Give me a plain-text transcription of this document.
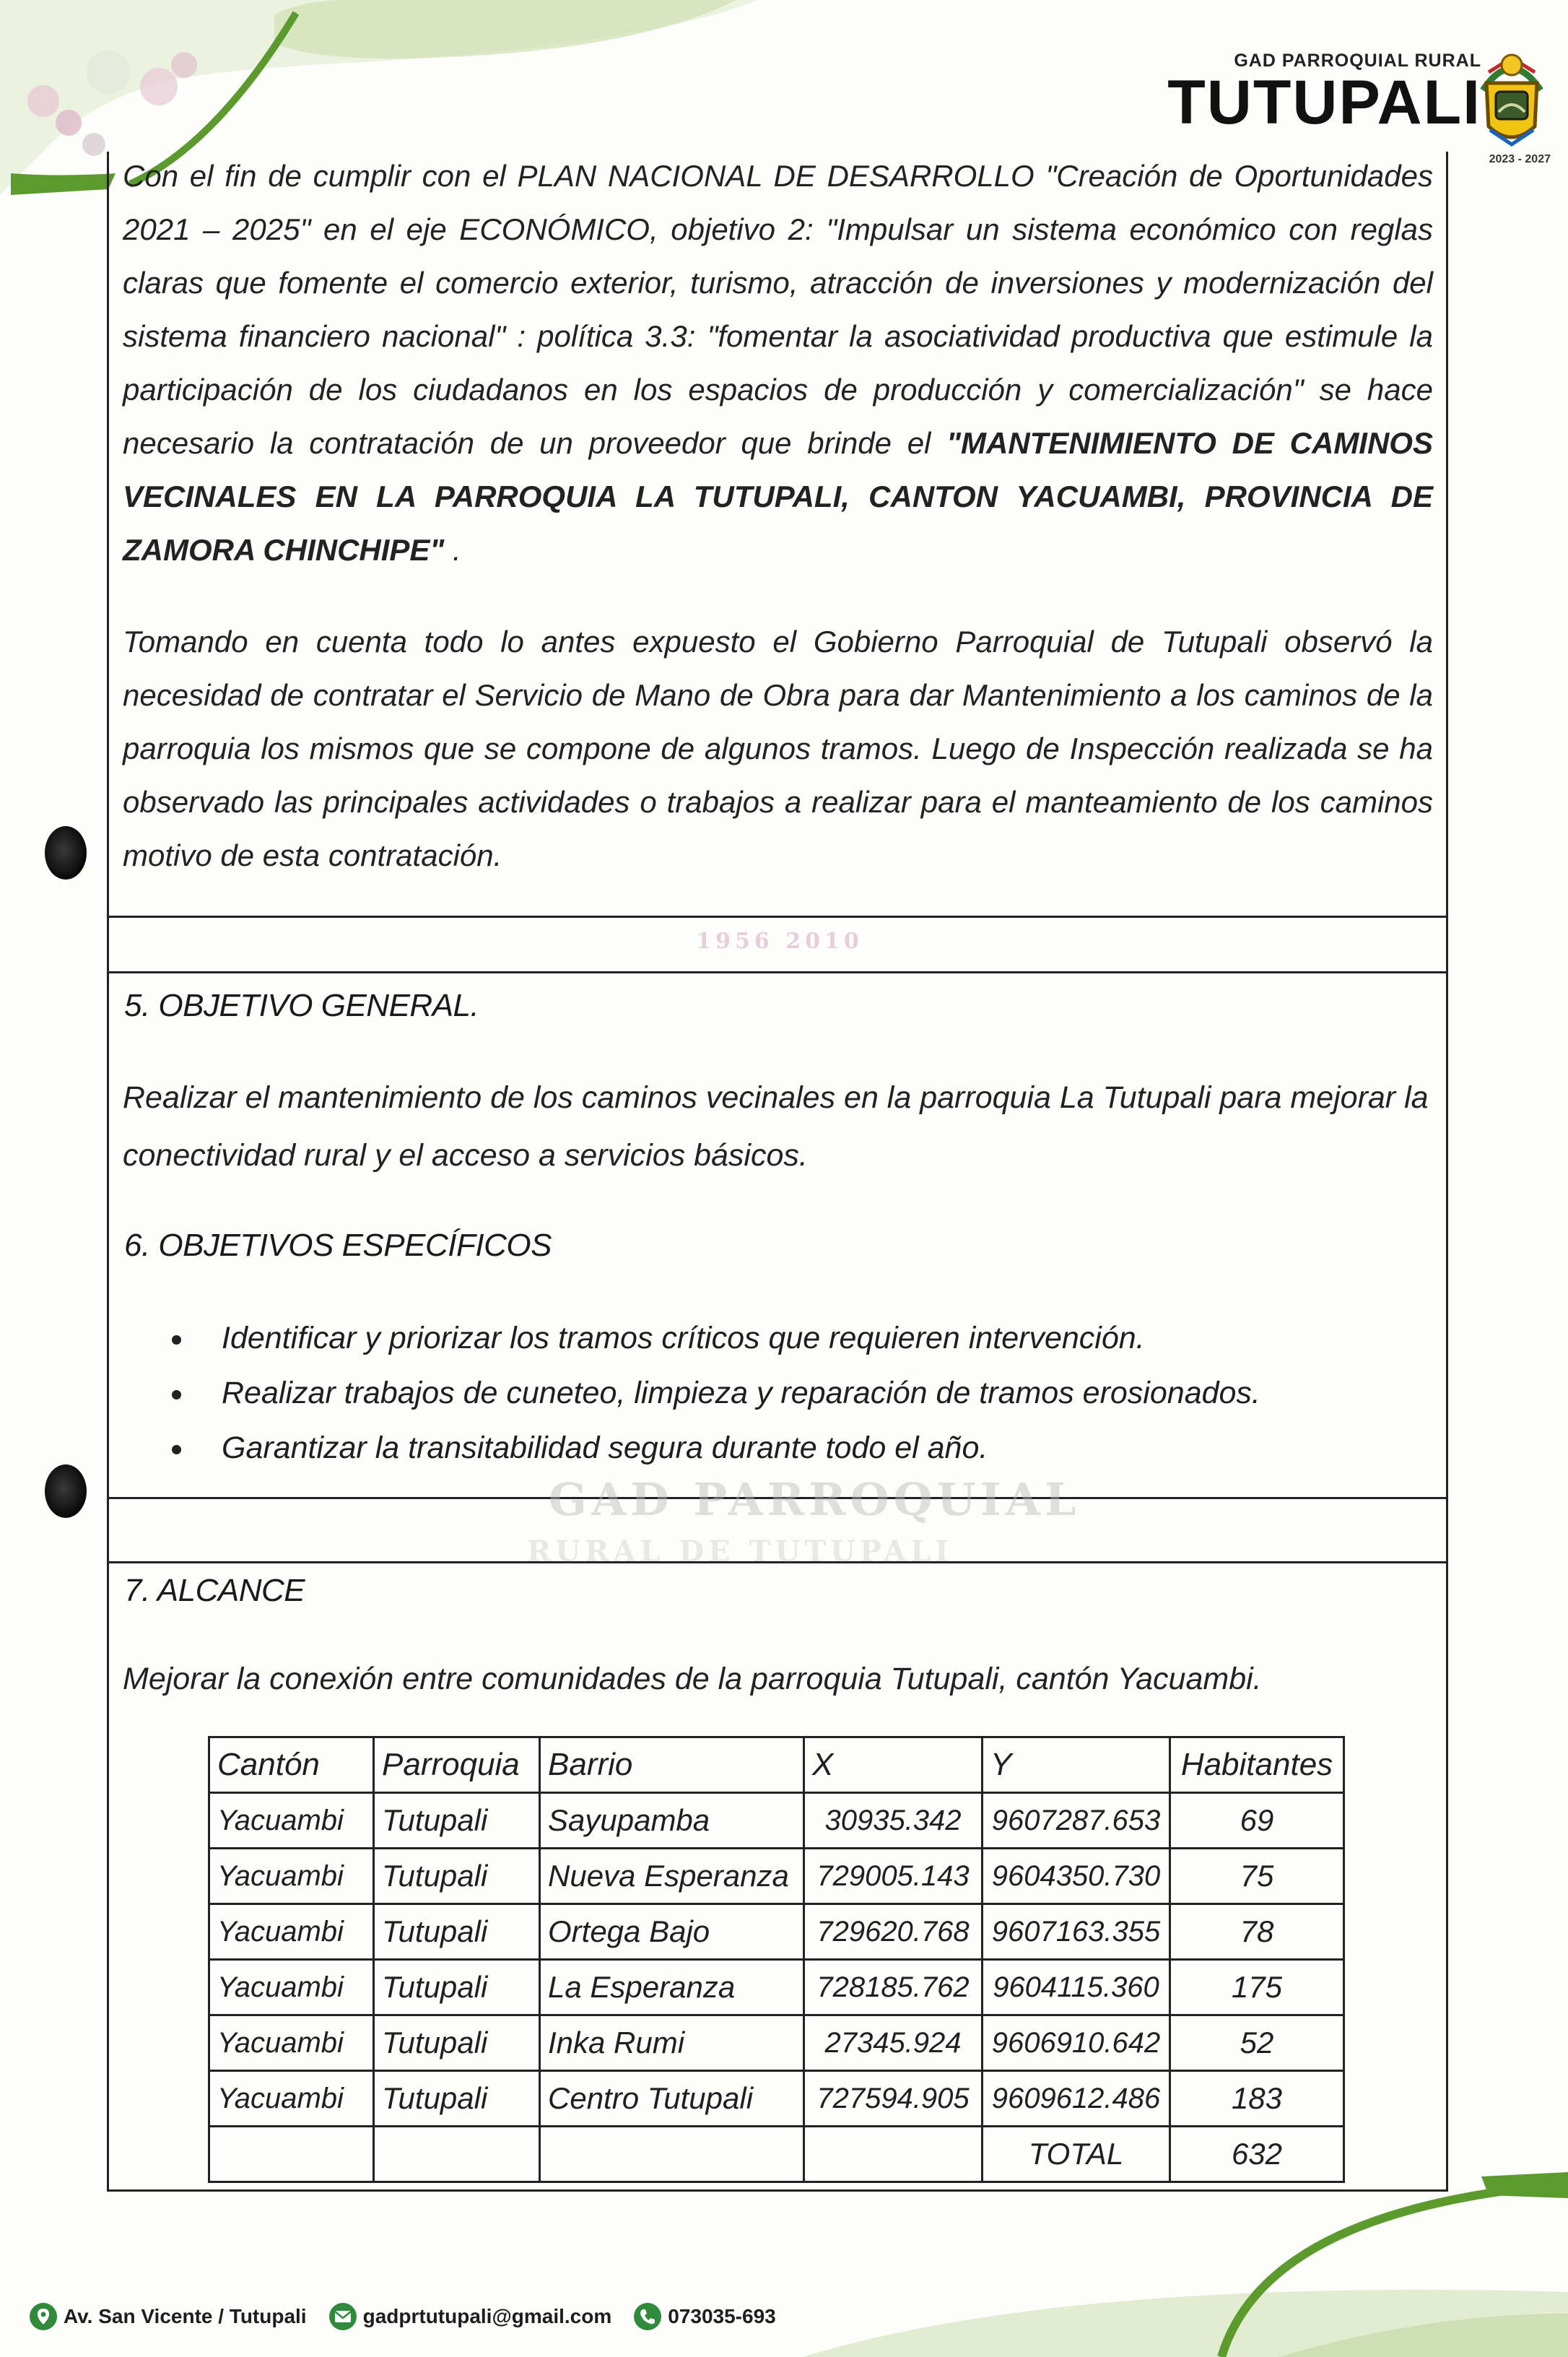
GAD PARROQUIAL RURAL
TUTUPALI
2023 - 2027

Con el fin de cumplir con el PLAN NACIONAL DE DESARROLLO "Creación de Oportunidades 2021 – 2025" en el eje ECONÓMICO, objetivo 2: "Impulsar un sistema económico con reglas claras que fomente el comercio exterior, turismo, atracción de inversiones y modernización del sistema financiero nacional" : política 3.3: "fomentar la asociatividad productiva que estimule la participación de los ciudadanos en los espacios de producción y comercialización" se hace necesario la contratación de un proveedor que brinde el "MANTENIMIENTO DE CAMINOS VECINALES EN LA PARROQUIA LA TUTUPALI, CANTON YACUAMBI, PROVINCIA DE ZAMORA CHINCHIPE" .

Tomando en cuenta todo lo antes expuesto el Gobierno Parroquial de Tutupali observó la necesidad de contratar el Servicio de Mano de Obra para dar Mantenimiento a los caminos de la parroquia los mismos que se compone de algunos tramos. Luego de Inspección realizada se ha observado las principales actividades o trabajos a realizar para el manteamiento de los caminos motivo de esta contratación.

1956 2010
5. OBJETIVO GENERAL.

Realizar el mantenimiento de los caminos vecinales en la parroquia La Tutupali para mejorar la conectividad rural y el acceso a servicios básicos.

6. OBJETIVOS ESPECÍFICOS
Identificar y priorizar los tramos críticos que requieren intervención.
Realizar trabajos de cuneteo, limpieza y reparación de tramos erosionados.
Garantizar la transitabilidad segura durante todo el año.
GAD PARROQUIAL
RURAL DE TUTUPALI
7. ALCANCE

Mejorar la conexión entre comunidades de la parroquia Tutupali, cantón Yacuambi.

Cantón	Parroquia	Barrio	X	Y	Habitantes
Yacuambi	Tutupali	Sayupamba	30935.342	9607287.653	69
Yacuambi	Tutupali	Nueva Esperanza	729005.143	9604350.730	75
Yacuambi	Tutupali	Ortega Bajo	729620.768	9607163.355	78
Yacuambi	Tutupali	La Esperanza	728185.762	9604115.360	175
Yacuambi	Tutupali	Inka Rumi	27345.924	9606910.642	52
Yacuambi	Tutupali	Centro Tutupali	727594.905	9609612.486	183
				TOTAL	632
Av. San Vicente / Tutupali	gadprtutupali@gmail.com	073035-693
